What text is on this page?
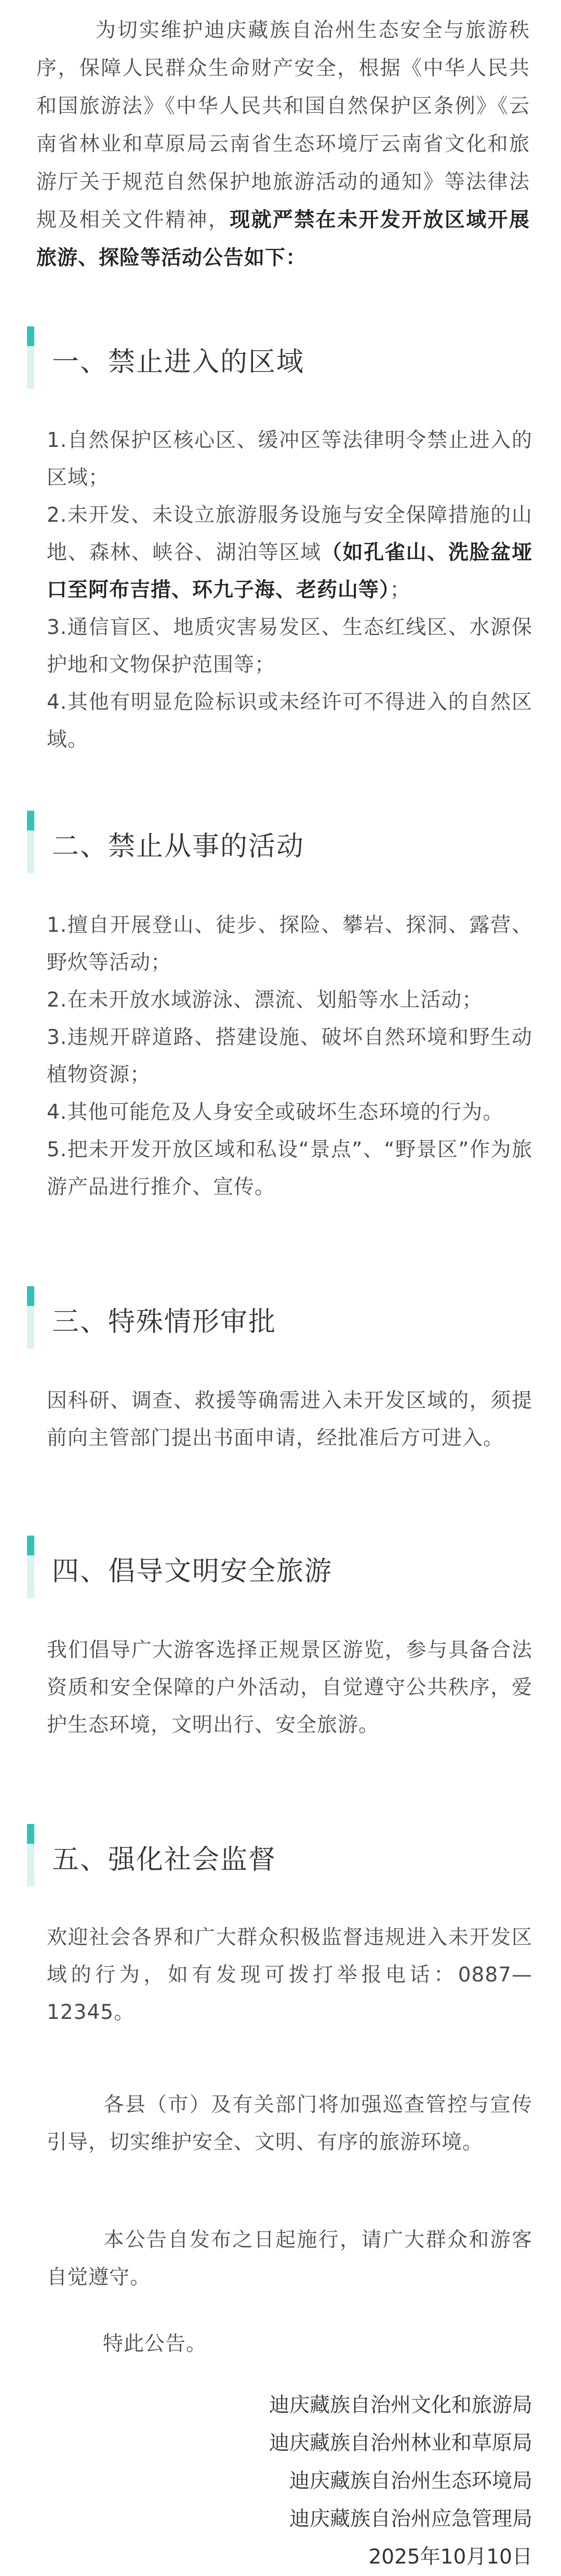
为切实维护迪庆藏族自治州生态安全与旅游秩序，保障人民群众生命财产安全，根据《中华人民共和国旅游法》《中华人民共和国自然保护区条例》《云南省林业和草原局云南省生态环境厅云南省文化和旅游厅关于规范自然保护地旅游活动的通知》等法律法规及相关文件精神，现就严禁在未开发开放区域开展旅游、探险等活动公告如下：
一、禁止进入的区域

1.自然保护区核心区、缓冲区等法律明令禁止进入的区域；

2.未开发、未设立旅游服务设施与安全保障措施的山地、森林、峡谷、湖泊等区域（如孔雀山、洗脸盆垭口至阿布吉措、环九子海、老药山等）；

3.通信盲区、地质灾害易发区、生态红线区、水源保护地和文物保护范围等；

4.其他有明显危险标识或未经许可不得进入的自然区域。

二、禁止从事的活动

1.擅自开展登山、徒步、探险、攀岩、探洞、露营、野炊等活动；

2.在未开放水域游泳、漂流、划船等水上活动；

3.违规开辟道路、搭建设施、破坏自然环境和野生动植物资源；

4.其他可能危及人身安全或破坏生态环境的行为。

5.把未开发开放区域和私设“景点”、“野景区”作为旅游产品进行推介、宣传。

三、特殊情形审批

因科研、调查、救援等确需进入未开发区域的，须提前向主管部门提出书面申请，经批准后方可进入。

四、倡导文明安全旅游

我们倡导广大游客选择正规景区游览，参与具备合法资质和安全保障的户外活动，自觉遵守公共秩序，爱护生态环境，文明出行、安全旅游。

五、强化社会监督

欢迎社会各界和广大群众积极监督违规进入未开发区域的行为，如有发现可拨打举报电话：0887—12345。

各县（市）及有关部门将加强巡查管控与宣传引导，切实维护安全、文明、有序的旅游环境。
本公告自发布之日起施行，请广大群众和游客自觉遵守。
特此公告。
迪庆藏族自治州文化和旅游局
迪庆藏族自治州林业和草原局
迪庆藏族自治州生态环境局
迪庆藏族自治州应急管理局
2025年10月10日
